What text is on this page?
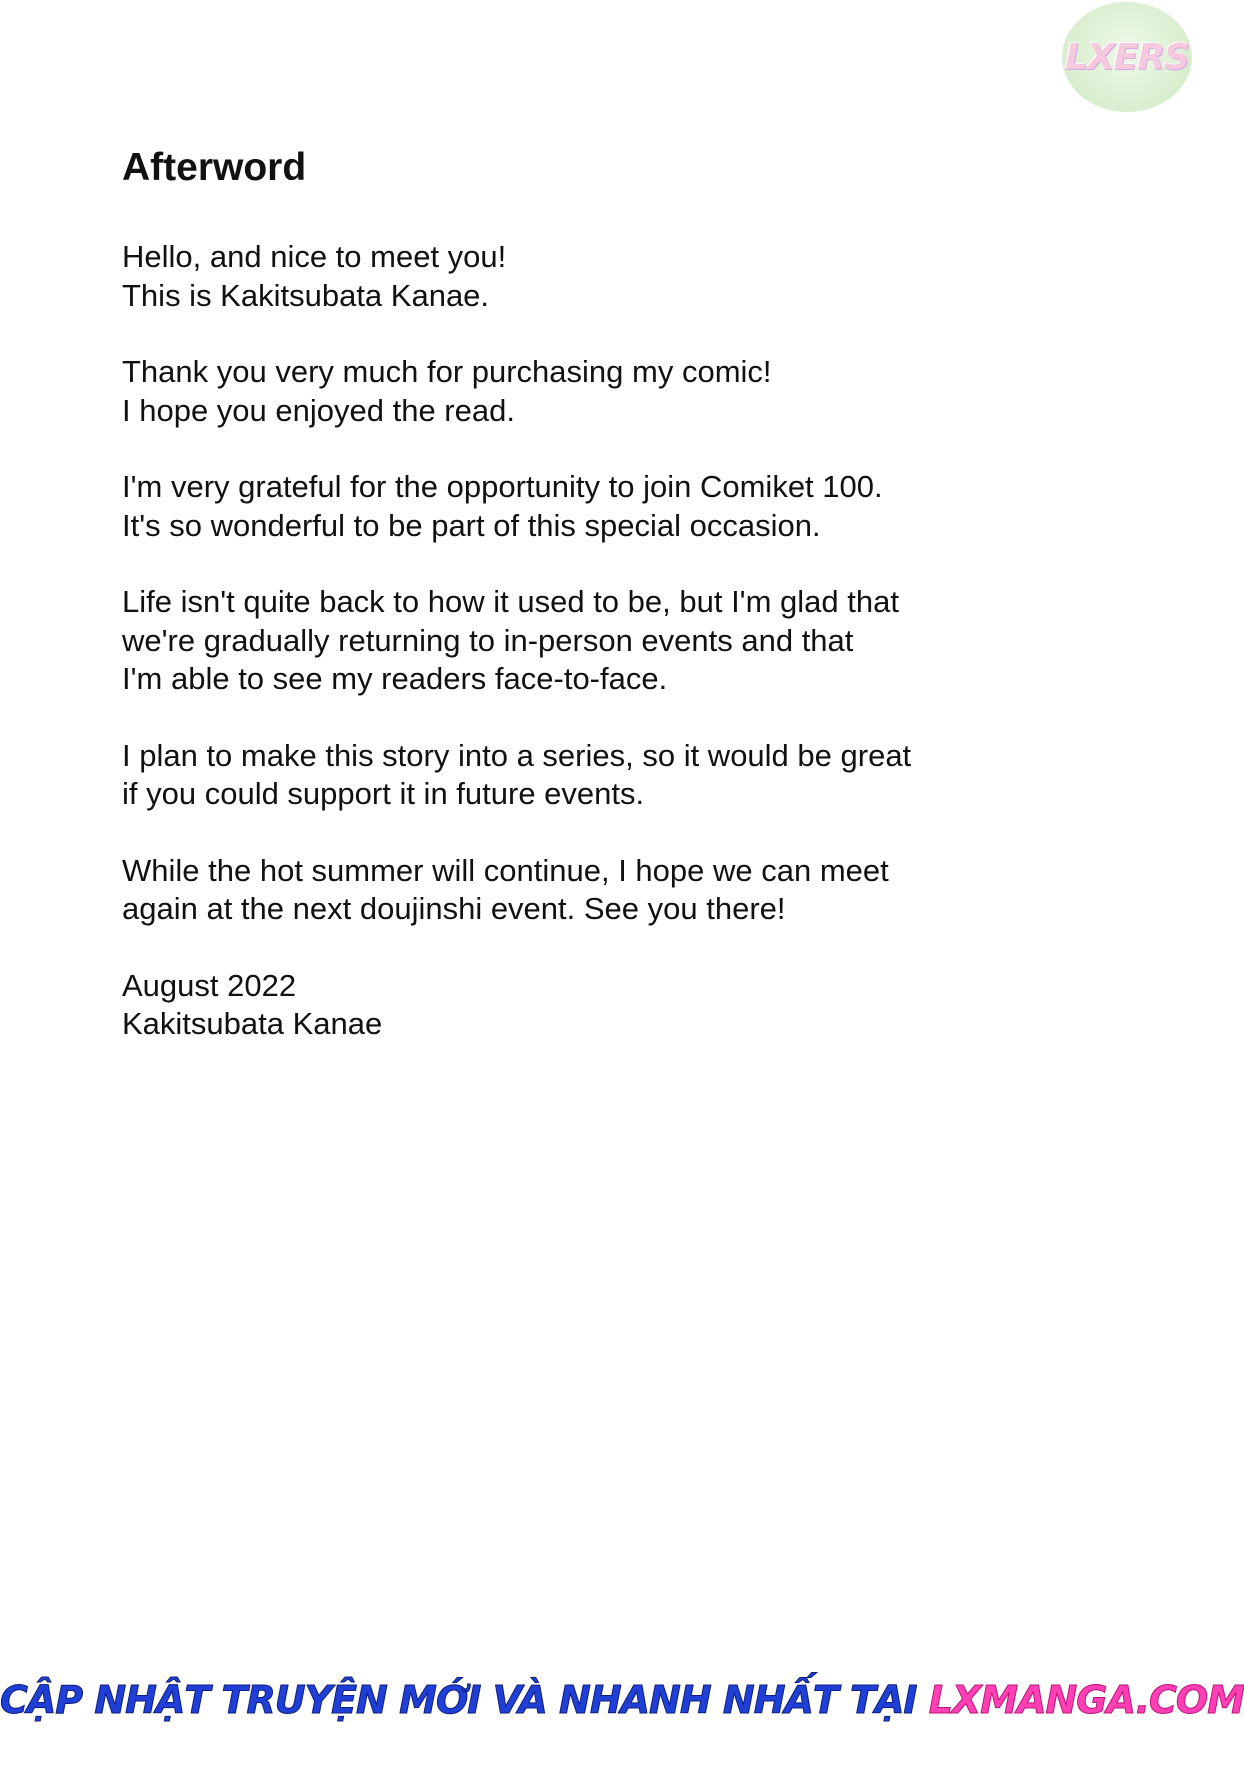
LXERS
Afterword
Hello, and nice to meet you!
This is Kakitsubata Kanae.
Thank you very much for purchasing my comic!
I hope you enjoyed the read.
I'm very grateful for the opportunity to join Comiket 100.
It's so wonderful to be part of this special occasion.
Life isn't quite back to how it used to be, but I'm glad that
we're gradually returning to in-person events and that
I'm able to see my readers face-to-face.
I plan to make this story into a series, so it would be great
if you could support it in future events.
While the hot summer will continue, I hope we can meet
again at the next doujinshi event. See you there!
August 2022
Kakitsubata Kanae
CẬP NHẬT TRUYỆN MỚI VÀ NHANH NHẤT TẠI LXMANGA.COM
